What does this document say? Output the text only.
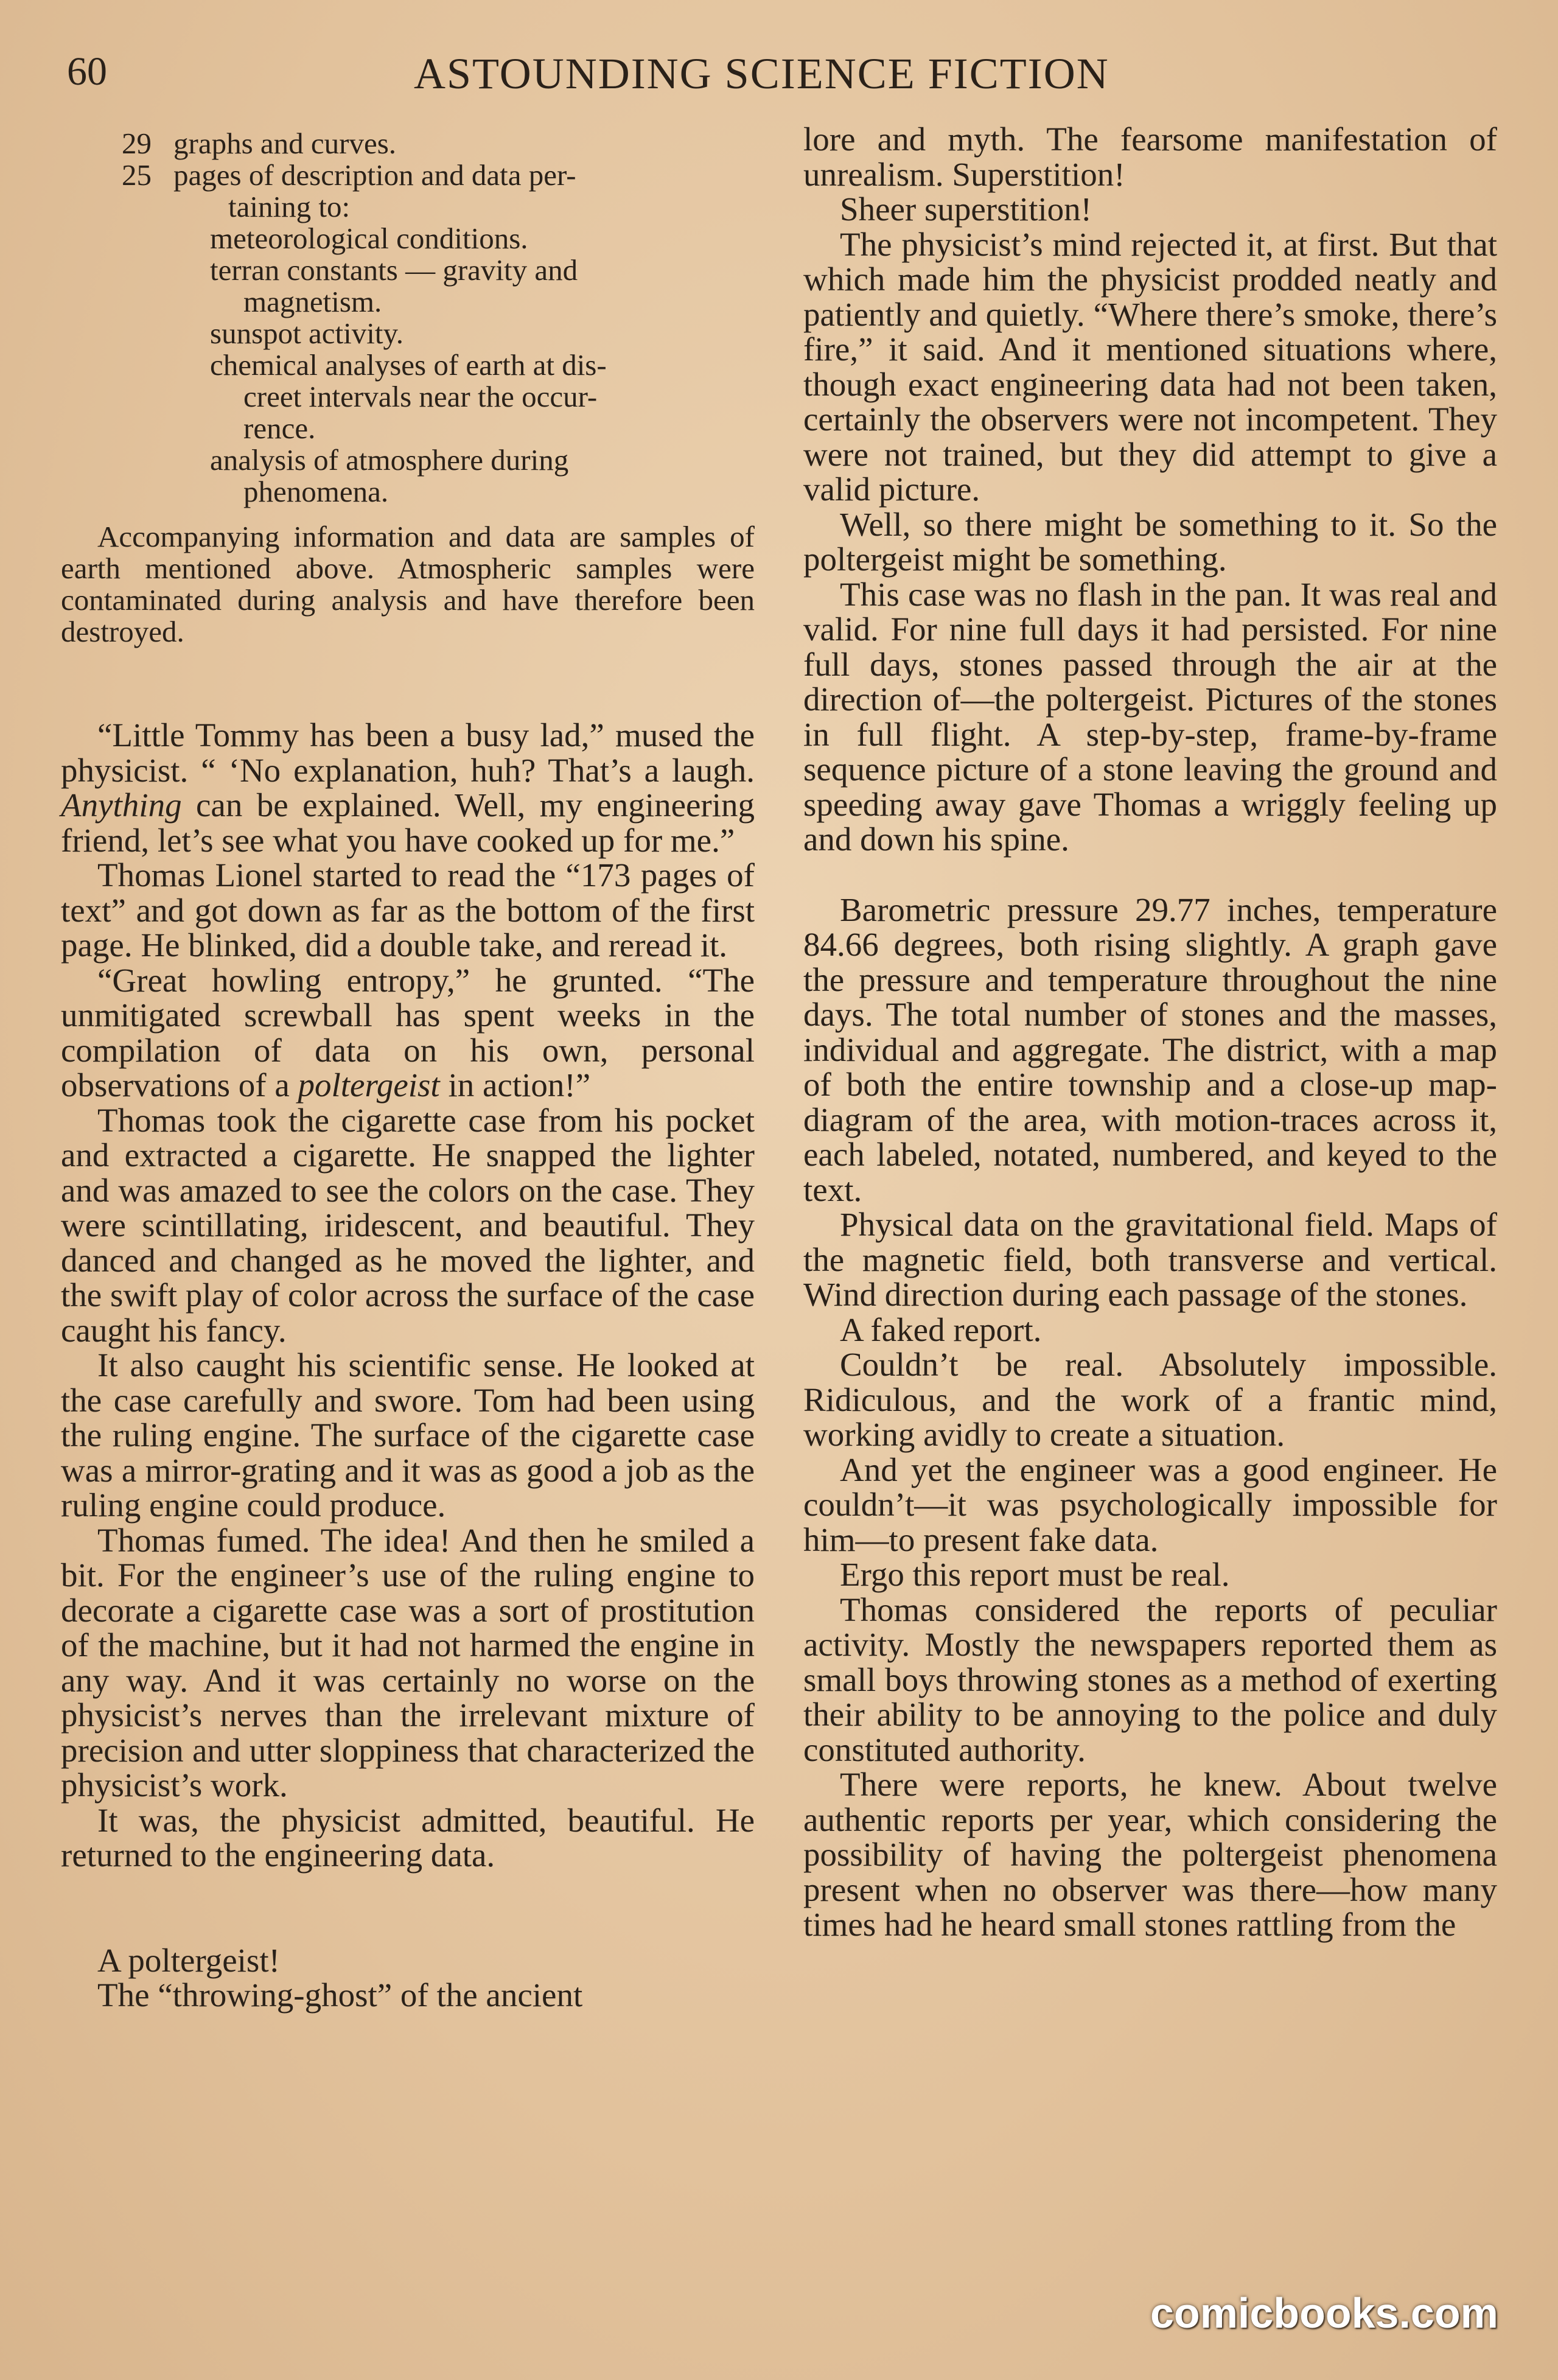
60	ASTOUNDING SCIENCE FICTION
29 graphs and curves.
25 pages of description and data per-
taining to:
meteorological conditions.
terran constants — gravity and
magnetism.
sunspot activity.
chemical analyses of earth at dis-
creet intervals near the occur-
rence.
analysis of atmosphere during
phenomena.

Accompanying information and data are samples of earth mentioned above. Atmospheric samples were contaminated during analysis and have therefore been destroyed.

“Little Tommy has been a busy lad,” mused the physicist. “ ‘No explanation, huh? That’s a laugh. Anything can be explained. Well, my engineering friend, let’s see what you have cooked up for me.”

Thomas Lionel started to read the “173 pages of text” and got down as far as the bottom of the first page. He blinked, did a double take, and reread it.

“Great howling entropy,” he grunted. “The unmitigated screwball has spent weeks in the compilation of data on his own, personal observations of a poltergeist in action!”

Thomas took the cigarette case from his pocket and extracted a cigarette. He snapped the lighter and was amazed to see the colors on the case. They were scintillating, iridescent, and beautiful. They danced and changed as he moved the lighter, and the swift play of color across the surface of the case caught his fancy.

It also caught his scientific sense. He looked at the case carefully and swore. Tom had been using the ruling engine. The surface of the cigarette case was a mirror-grating and it was as good a job as the ruling engine could produce.

Thomas fumed. The idea! And then he smiled a bit. For the engineer’s use of the ruling engine to decorate a cigarette case was a sort of prostitution of the machine, but it had not harmed the engine in any way. And it was certainly no worse on the physicist’s nerves than the irrelevant mixture of precision and utter sloppiness that characterized the physicist’s work.

It was, the physicist admitted, beautiful. He returned to the engineering data.

A poltergeist!

The “throwing-ghost” of the ancient

lore and myth. The fearsome manifestation of unrealism. Superstition!

Sheer superstition!

The physicist’s mind rejected it, at first. But that which made him the physicist prodded neatly and patiently and quietly. “Where there’s smoke, there’s fire,” it said. And it mentioned situations where, though exact engineering data had not been taken, certainly the observers were not incompetent. They were not trained, but they did attempt to give a valid picture.

Well, so there might be something to it. So the poltergeist might be something.

This case was no flash in the pan. It was real and valid. For nine full days it had persisted. For nine full days, stones passed through the air at the direction of—the poltergeist. Pictures of the stones in full flight. A step-by-step, frame-by-frame sequence picture of a stone leaving the ground and speeding away gave Thomas a wriggly feeling up and down his spine.

Barometric pressure 29.77 inches, temperature 84.66 degrees, both rising slightly. A graph gave the pressure and temperature throughout the nine days. The total number of stones and the masses, individual and aggregate. The district, with a map of both the entire township and a close-up map-diagram of the area, with motion-traces across it, each labeled, notated, numbered, and keyed to the text.

Physical data on the gravitational field. Maps of the magnetic field, both transverse and vertical. Wind direction during each passage of the stones.

A faked report.

Couldn’t be real. Absolutely impossible. Ridiculous, and the work of a frantic mind, working avidly to create a situation.

And yet the engineer was a good engineer. He couldn’t—it was psychologically impossible for him—to present fake data.

Ergo this report must be real.

Thomas considered the reports of peculiar activity. Mostly the newspapers reported them as small boys throwing stones as a method of exerting their ability to be annoying to the police and duly constituted authority.

There were reports, he knew. About twelve authentic reports per year, which considering the possibility of having the poltergeist phenomena present when no observer was there—how many times had he heard small stones rattling from the

comicbooks.com
